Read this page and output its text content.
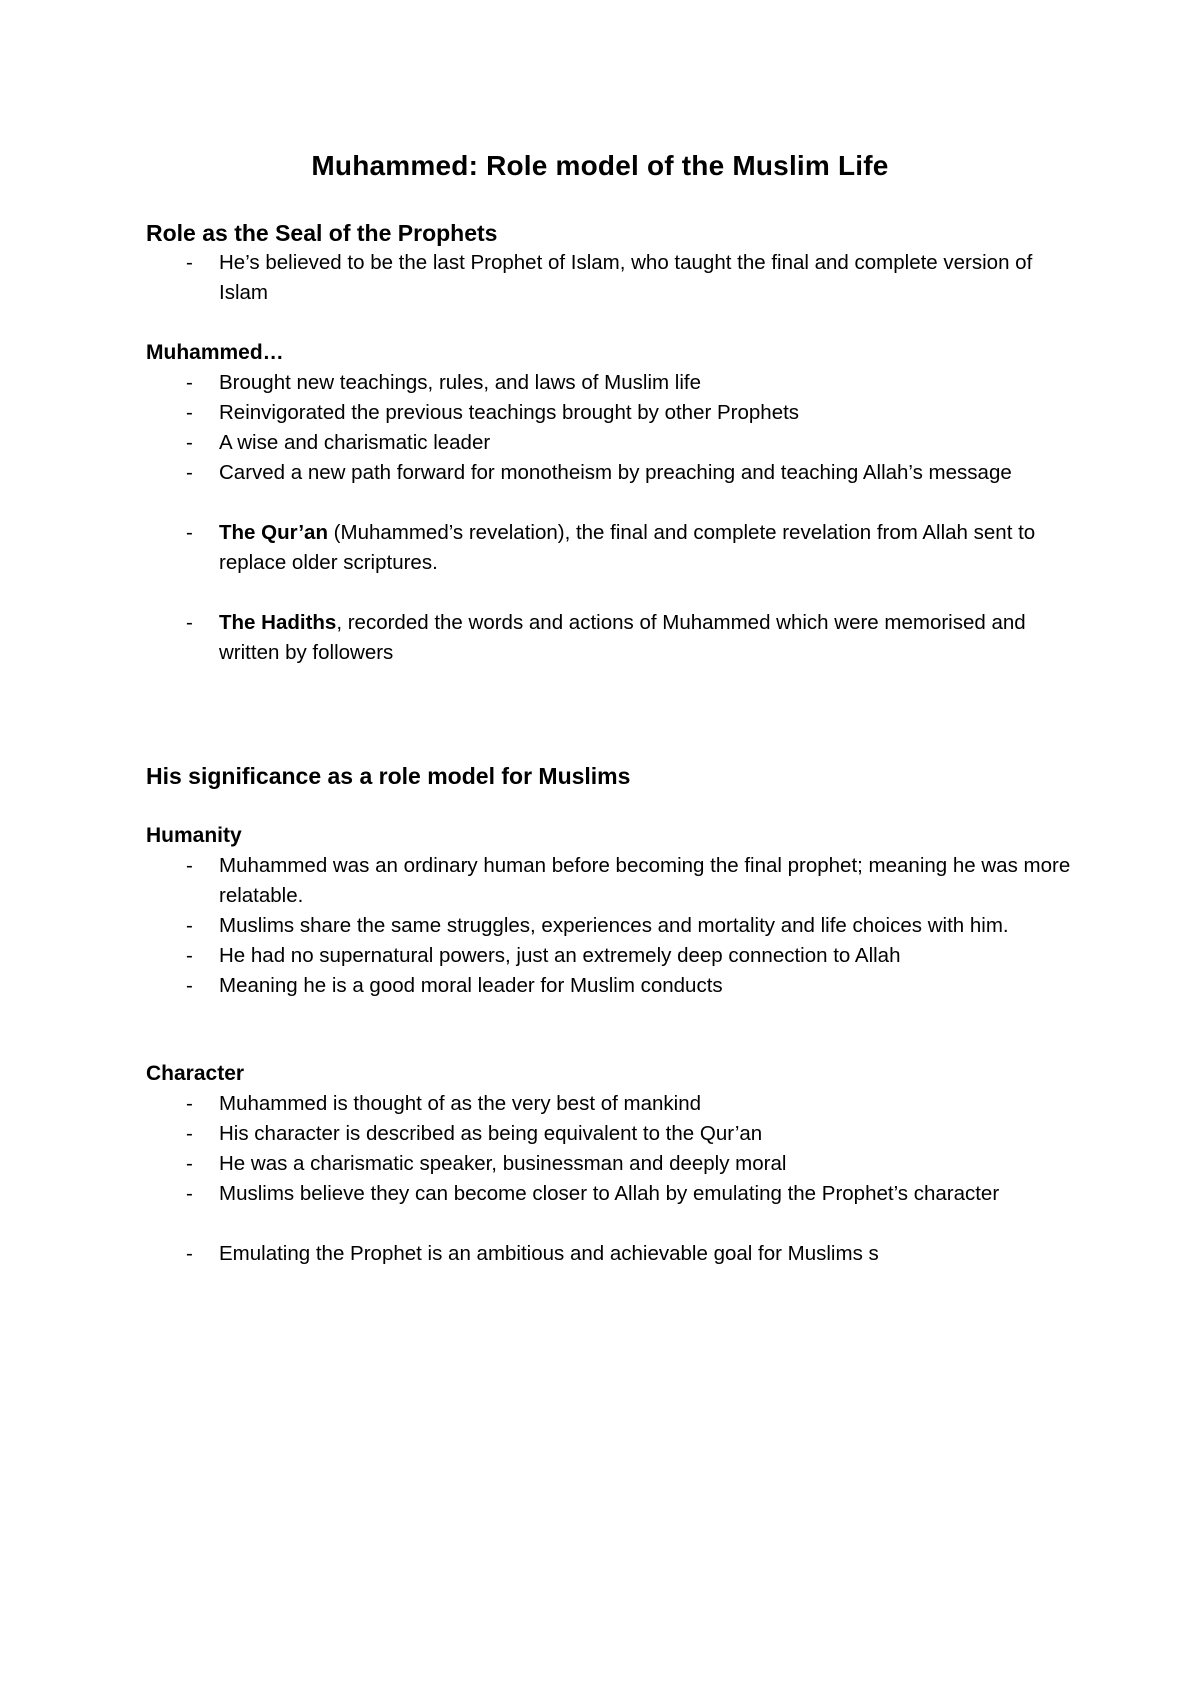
Muhammed: Role model of the Muslim Life
Role as the Seal of the Prophets
- He’s believed to be the last Prophet of Islam, who taught the final and complete version of Islam
Muhammed…
- Brought new teachings, rules, and laws of Muslim life
- Reinvigorated the previous teachings brought by other Prophets
- A wise and charismatic leader
- Carved a new path forward for monotheism by preaching and teaching Allah’s message
- The Qur’an (Muhammed’s revelation), the final and complete revelation from Allah sent to replace older scriptures.
- The Hadiths, recorded the words and actions of Muhammed which were memorised and written by followers
His significance as a role model for Muslims
Humanity
- Muhammed was an ordinary human before becoming the final prophet; meaning he was more relatable.
- Muslims share the same struggles, experiences and mortality and life choices with him.
- He had no supernatural powers, just an extremely deep connection to Allah
- Meaning he is a good moral leader for Muslim conducts
Character
- Muhammed is thought of as the very best of mankind
- His character is described as being equivalent to the Qur’an
- He was a charismatic speaker, businessman and deeply moral
- Muslims believe they can become closer to Allah by emulating the Prophet’s character
- Emulating the Prophet is an ambitious and achievable goal for Muslims s
